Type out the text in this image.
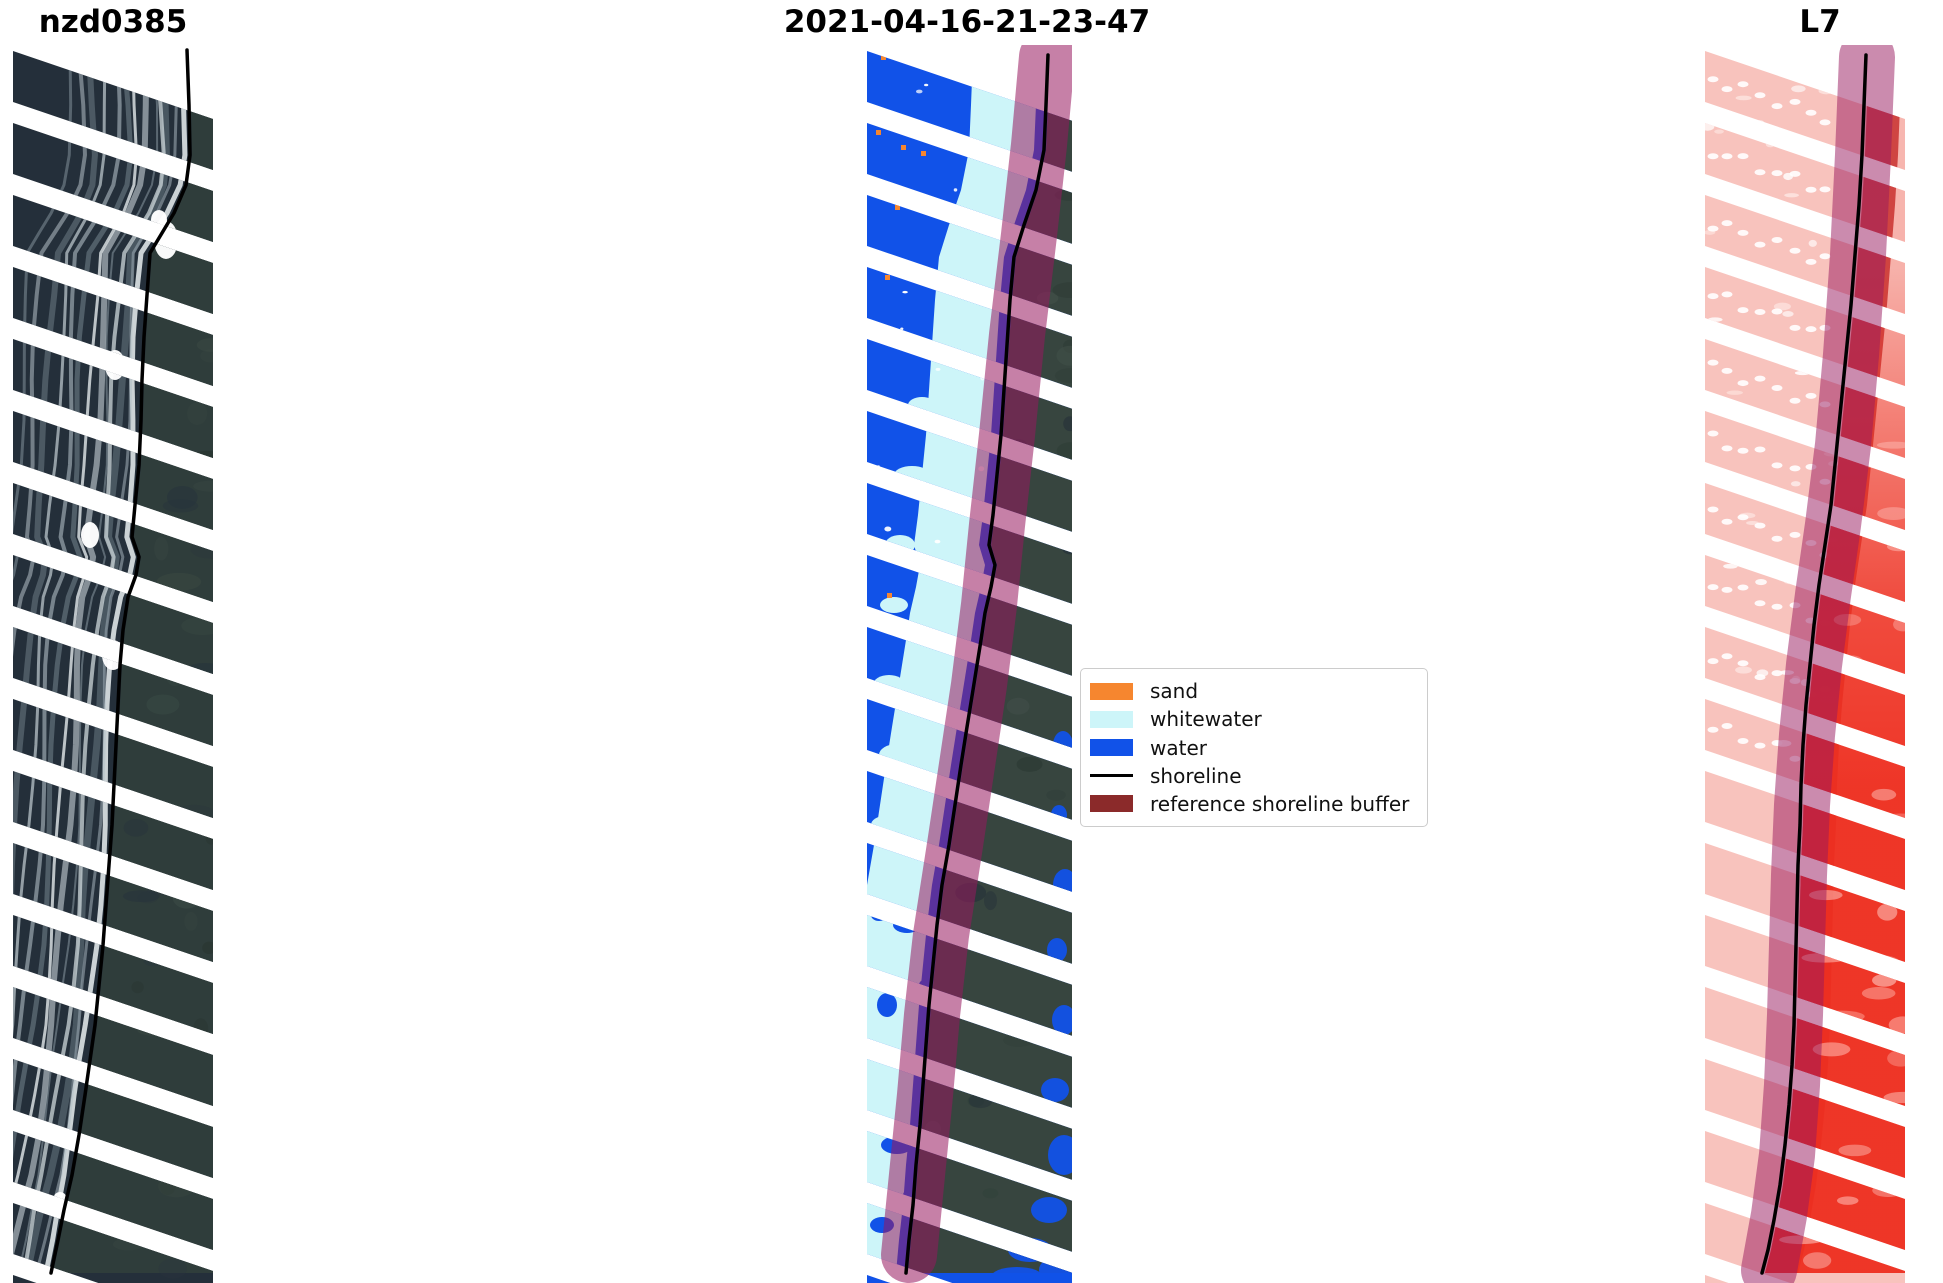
nzd0385	2021-04-16-21-23-47	L7
sand
whitewater
water
shoreline
reference shoreline buffer
